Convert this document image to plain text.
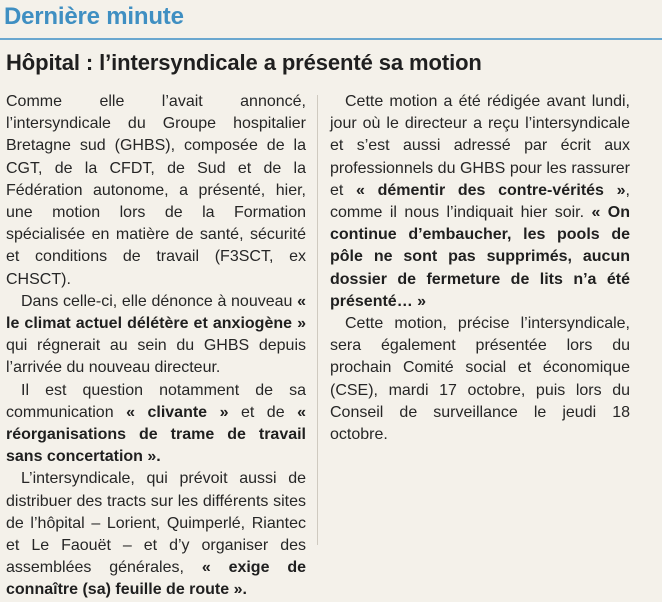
Dernière minute
Hôpital : l’intersyndicale a présenté sa motion

Comme elle l’avait annoncé, l’intersyndicale du Groupe hospitalier Bretagne sud (GHBS), composée de la CGT, de la CFDT, de Sud et de la Fédération autonome, a présenté, hier, une motion lors de la Formation spécialisée en matière de santé, sécurité et conditions de travail (F3SCT, ex CHSCT).

Dans celle-ci, elle dénonce à nouveau « le climat actuel délétère et anxiogène » qui régnerait au sein du GHBS depuis l’arrivée du nouveau directeur.

Il est question notamment de sa communication « clivante » et de « réorganisations de trame de travail sans concertation ».

L’intersyndicale, qui prévoit aussi de distribuer des tracts sur les différents sites de l’hôpital – Lorient, Quimperlé, Riantec et Le Faouët – et d’y organiser des assemblées générales, « exige de connaître (sa) feuille de route ».

Cette motion a été rédigée avant lundi, jour où le directeur a reçu l’intersyndicale et s’est aussi adressé par écrit aux professionnels du GHBS pour les rassurer et « démentir des contre-vérités », comme il nous l’indiquait hier soir. « On continue d’embaucher, les pools de pôle ne sont pas supprimés, aucun dossier de fermeture de lits n’a été présenté… »

Cette motion, précise l’intersyndicale, sera également présentée lors du prochain Comité social et économique (CSE), mardi 17 octobre, puis lors du Conseil de surveillance le jeudi 18 octobre.
